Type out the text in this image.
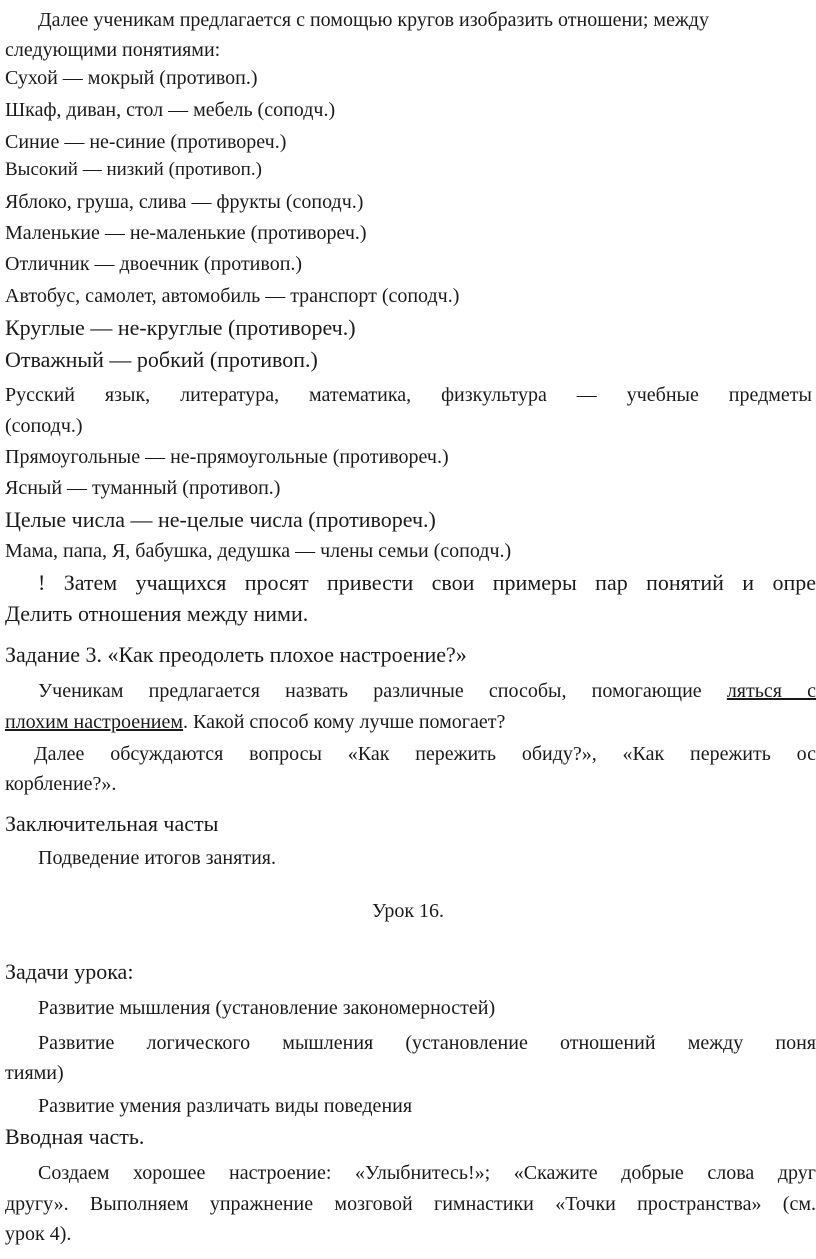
Далее ученикам предлагается с помощью кругов изобразить отношени; между
следующими понятиями:
Сухой — мокрый (противоп.)
Шкаф, диван, стол — мебель (соподч.)
Синие — не-синие (противореч.)
Высокий — низкий (противоп.)
Яблоко, груша, слива — фрукты (соподч.)
Маленькие — не-маленькие (противореч.)
Отличник — двоечник (противоп.)
Автобус, самолет, автомобиль — транспорт (соподч.)
Круглые — не-круглые (противореч.)
Отважный — робкий (противоп.)
Русский язык, литература, математика, физкультура — учебные предметы
(соподч.)
Прямоугольные — не-прямоугольные (противореч.)
Ясный — туманный (противоп.)
Целые числа — не-целые числа (противореч.)
Мама, папа, Я, бабушка, дедушка — члены семьи (соподч.)
! Затем учащихся просят привести свои примеры пар понятий и опре
Делить отношения между ними.
Задание 3. «Как преодолеть плохое настроение?»
Ученикам предлагается назвать различные способы, помогающие ляться с
плохим настроением. Какой способ кому лучше помогает?
Далее обсуждаются вопросы «Как пережить обиду?», «Как пережить ос
корбление?».
Заключительная часты
Подведение итогов занятия.
Урок 16.
Задачи урока:
Развитие мышления (установление закономерностей)
Развитие логического мышления (установление отношений между поня
тиями)
Развитие умения различать виды поведения
Вводная часть.
Создаем хорошее настроение: «Улыбнитесь!»; «Скажите добрые слова друг
другу». Выполняем упражнение мозговой гимнастики «Точки пространства» (см.
урок 4).
